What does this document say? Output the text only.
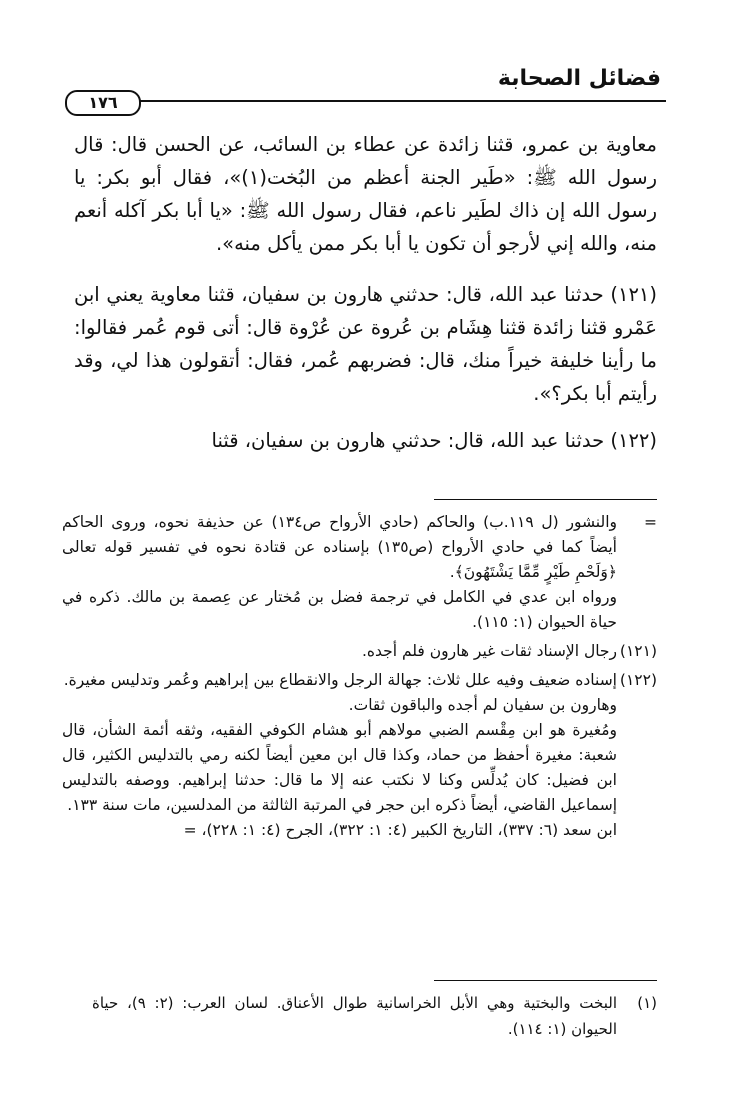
فضائل الصحابة
١٧٦

معاوية بن عمرو، قثنا زائدة عن عطاء بن السائب، عن الحسن قال: قال رسول الله ﷺ: «طَير الجنة أعظم من البُخت(١)»، فقال أبو بكر: يا رسول الله إن ذاك لطَير ناعم، فقال رسول الله ﷺ: «يا أبا بكر آكله أنعم منه، والله إني لأرجو أن تكون يا أبا بكر ممن يأكل منه».

(١٢١) حدثنا عبد الله، قال: حدثني هارون بن سفيان، قثنا معاوية يعني ابن عَمْرو قثنا زائدة قثنا هِشَام بن عُروة عن عُرْوة قال: أتى قوم عُمر فقالوا: ما رأينا خليفة خيراً منك، قال: فضربهم عُمر، فقال: أتقولون هذا لي، وقد رأيتم أبا بكر؟».

(١٢٢) حدثنا عبد الله، قال: حدثني هارون بن سفيان، قثنا

=

والنشور (ل ١١٩.ب) والحاكم (حادي الأرواح ص١٣٤) عن حذيفة نحوه، وروى الحاكم أيضاً كما في حادي الأرواح (ص١٣٥) بإسناده عن قتادة نحوه في تفسير قوله تعالى ﴿وَلَحْمِ طَيْرٍ مِّمَّا يَشْتَهُونَ﴾.

ورواه ابن عدي في الكامل في ترجمة فضل بن مُختار عن عِصمة بن مالك. ذكره في حياة الحيوان (١: ١١٥).

(١٢١)

رجال الإسناد ثقات غير هارون فلم أجده.

(١٢٢)

إسناده ضعيف وفيه علل ثلاث: جهالة الرجل والانقطاع بين إبراهيم وعُمر وتدليس مغيرة.

وهارون بن سفيان لم أجده والباقون ثقات.

ومُغيرة هو ابن مِقْسم الضبي مولاهم أبو هشام الكوفي الفقيه، وثقه أئمة الشأن، قال شعبة: مغيرة أحفظ من حماد، وكذا قال ابن معين أيضاً لكنه رمي بالتدليس الكثير، قال ابن فضيل: كان يُدلِّس وكنا لا نكتب عنه إلا ما قال: حدثنا إبراهيم. ووصفه بالتدليس إسماعيل القاضي، أيضاً ذكره ابن حجر في المرتبة الثالثة من المدلسين، مات سنة ١٣٣.

ابن سعد (٦: ٣٣٧)، التاريخ الكبير (٤: ١: ٣٢٢)، الجرح (٤: ١: ٢٢٨)، =

(١)

البخت والبختية وهي الأبل الخراسانية طوال الأعناق. لسان العرب: (٢: ٩)، حياة الحيوان (١: ١١٤).
